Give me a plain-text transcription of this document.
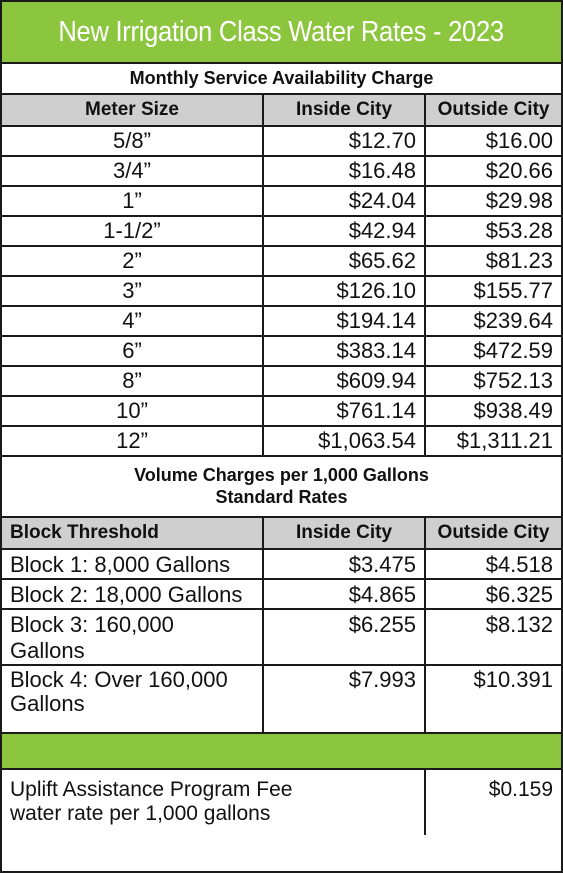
New Irrigation Class Water Rates - 2023
Monthly Service Availability Charge		
Meter Size	Inside City	Outside City
5/8”	$12.70	$16.00
3/4”	$16.48	$20.66
1”	$24.04	$29.98
1-1/2”	$42.94	$53.28
2”	$65.62	$81.23
3”	$126.10	$155.77
4”	$194.14	$239.64
6”	$383.14	$472.59
8”	$609.94	$752.13
10”	$761.14	$938.49
12”	$1,063.54	$1,311.21
Volume Charges per 1,000 Gallons
Standard Rates		
Block Threshold	Inside City	Outside City
Block 1: 8,000 Gallons	$3.475	$4.518
Block 2: 18,000 Gallons	$4.865	$6.325
Block 3: 160,000 Gallons	$6.255	$8.132
Block 4: Over 160,000 Gallons	$7.993	$10.391

Uplift Assistance Program Fee
water rate per 1,000 gallons		$0.159
